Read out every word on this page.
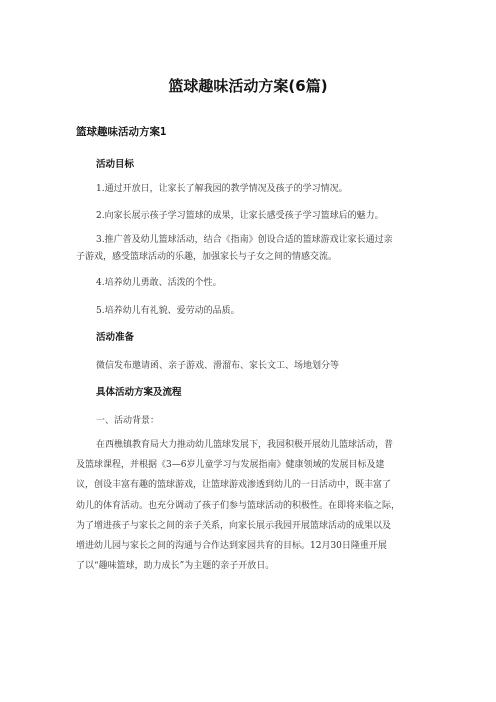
篮球趣味活动方案(6篇)
篮球趣味活动方案1
活动目标
1.通过开放日，让家长了解我园的教学情况及孩子的学习情况。
2.向家长展示孩子学习篮球的成果，让家长感受孩子学习篮球后的魅力。
3.推广普及幼儿篮球活动，结合《指南》创设合适的篮球游戏让家长通过亲
子游戏，感受篮球活动的乐趣，加强家长与子女之间的情感交流。
4.培养幼儿勇敢、活泼的个性。
5.培养幼儿有礼貌、爱劳动的品质。
活动准备
微信发布邀请函、亲子游戏、滑溜布、家长文工、场地划分等
具体活动方案及流程
一、活动背景：
在西樵镇教育局大力推动幼儿篮球发展下，我园积极开展幼儿篮球活动，普
及篮球课程，并根据《3—6岁儿童学习与发展指南》健康领域的发展目标及建
议，创设丰富有趣的篮球游戏，让篮球游戏渗透到幼儿的一日活动中，既丰富了
幼儿的体育活动。也充分调动了孩子们参与篮球活动的积极性。在即将来临之际，
为了增进孩子与家长之间的亲子关系，向家长展示我园开展篮球活动的成果以及
增进幼儿园与家长之间的沟通与合作达到家园共育的目标。12月30日隆重开展
了以“趣味篮球，助力成长”为主题的亲子开放日。
